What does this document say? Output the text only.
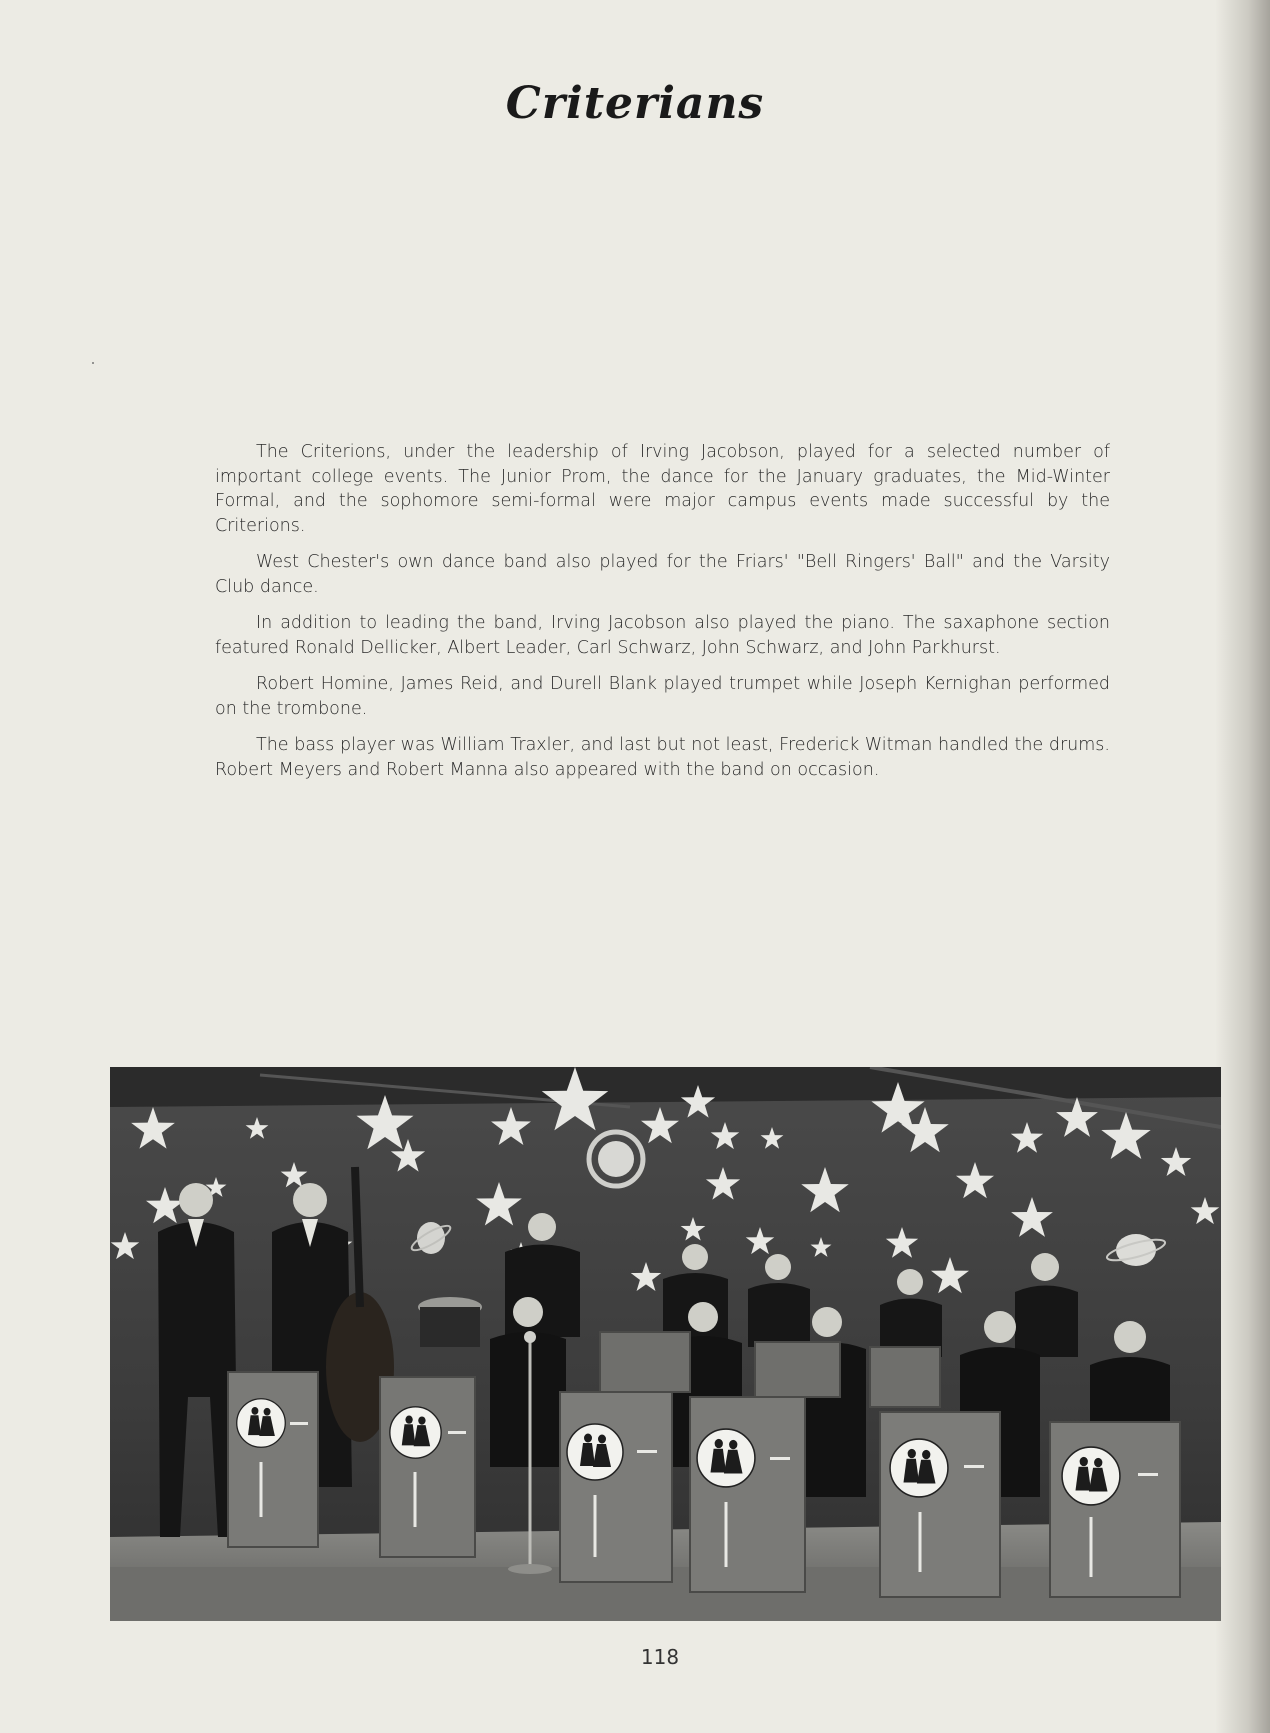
Criterians

The Criterions, under the leadership of Irving Jacobson, played for a selected number of important college events. The Junior Prom, the dance for the January graduates, the Mid-Winter Formal, and the sophomore semi-formal were major campus events made successful by the Criterions.

West Chester's own dance band also played for the Friars' "Bell Ringers' Ball" and the Varsity Club dance.

In addition to leading the band, Irving Jacobson also played the piano. The saxaphone section featured Ronald Dellicker, Albert Leader, Carl Schwarz, John Schwarz, and John Parkhurst.

Robert Homine, James Reid, and Durell Blank played trumpet while Joseph Kernighan performed on the trombone.

The bass player was William Traxler, and last but not least, Frederick Witman handled the drums. Robert Meyers and Robert Manna also appeared with the band on occasion.

118
